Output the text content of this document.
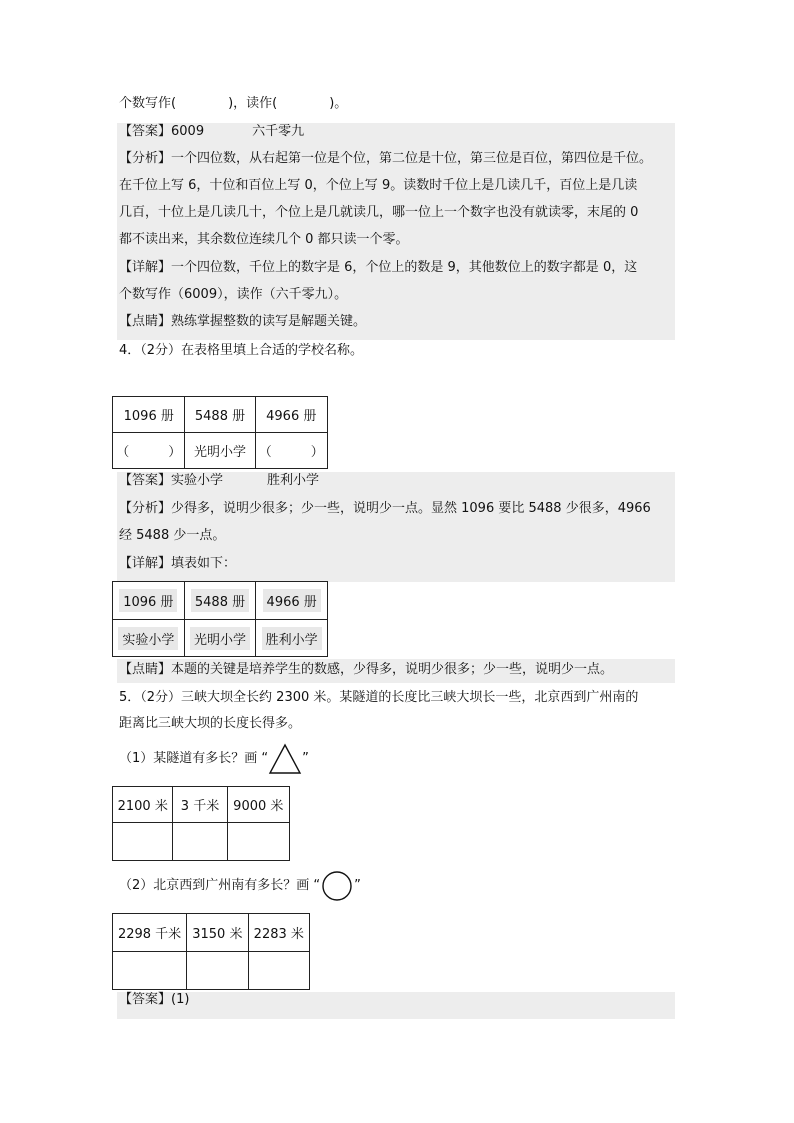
个数写作(　　　　)，读作(　　　　)。
【答案】6009	六千零九
【分析】一个四位数，从右起第一位是个位，第二位是十位，第三位是百位，第四位是千位。
在千位上写 6，十位和百位上写 0，个位上写 9。读数时千位上是几读几千，百位上是几读
几百，十位上是几读几十，个位上是几就读几，哪一位上一个数字也没有就读零，末尾的 0
都不读出来，其余数位连续几个 0 都只读一个零。
【详解】一个四位数，千位上的数字是 6，个位上的数是 9，其他数位上的数字都是 0，这
个数写作（6009），读作（六千零九）。
【点睛】熟练掌握整数的读写是解题关键。
4．（2分）在表格里填上合适的学校名称。
1096 册	5488 册	4966 册
（　　　）	光明小学	（　　　）
【答案】实验小学	胜利小学
【分析】少得多，说明少很多；少一些，说明少一点。显然 1096 要比 5488 少很多，4966
经 5488 少一点。
【详解】填表如下：
1096 册	5488 册	4966 册
实验小学	光明小学	胜利小学
【点睛】本题的关键是培养学生的数感，少得多，说明少很多；少一些，说明少一点。
5．（2分）三峡大坝全长约 2300 米。某隧道的长度比三峡大坝长一些，北京西到广州南的
距离比三峡大坝的长度长得多。
（1）某隧道有多长？画 “	”
2100 米	3 千米	9000 米

（2）北京西到广州南有多长？画 “	”
2298 千米	3150 米	2283 米

【答案】(1)
